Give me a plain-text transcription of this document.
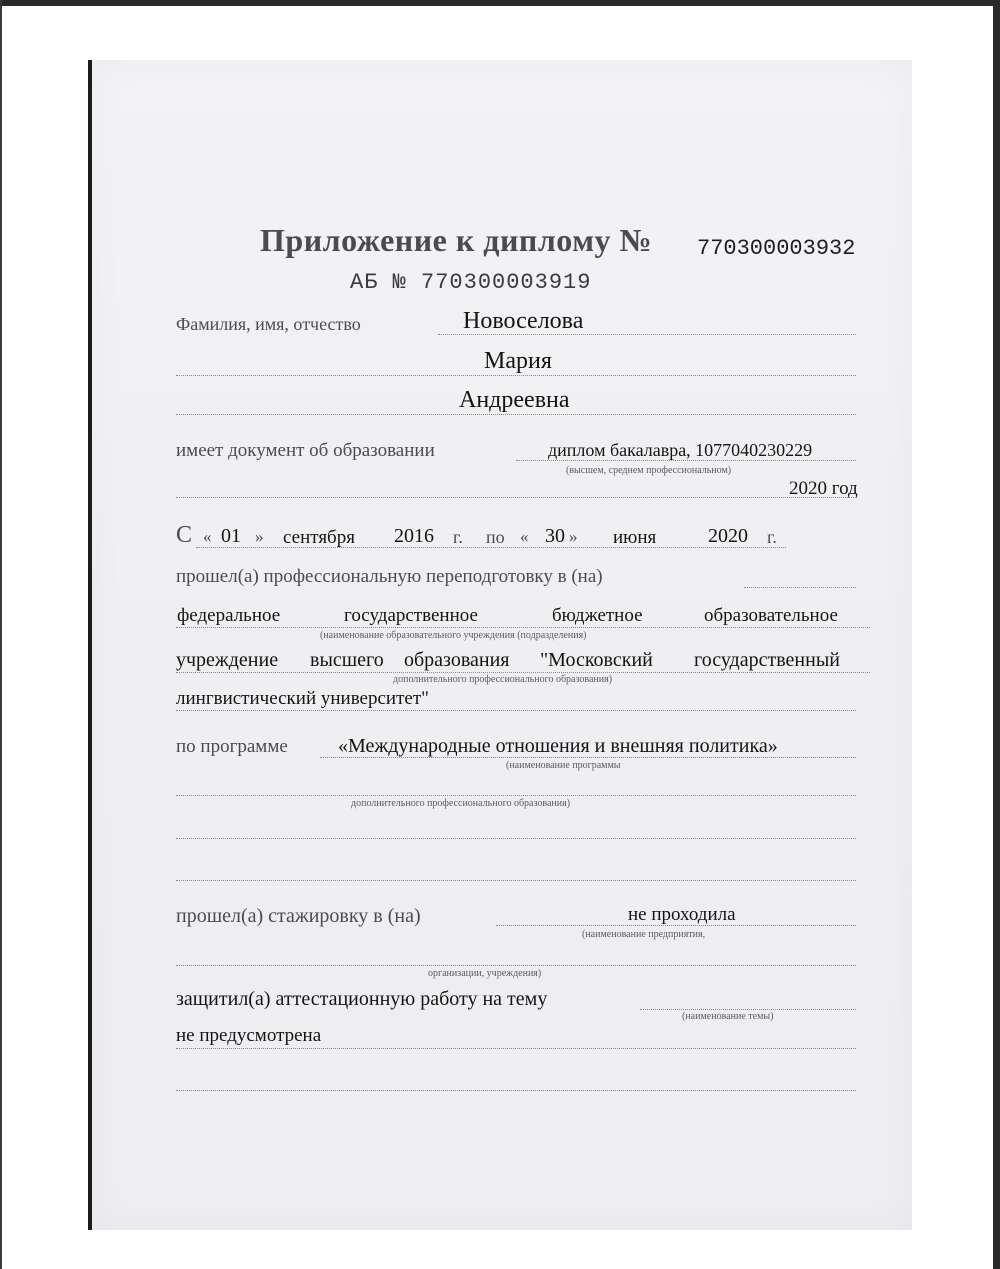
Приложение к диплому № 770300003932
АБ № 770300003919
Фамилия, имя, отчество	Новоселова
Мария
Андреевна
имеет документ об образовании	диплом бакалавра, 1077040230229
(высшем, среднем профессиональном)
2020 год
С « 01 » сентября 2016 г. по « 30 » июня	2020 г.
прошел(а) профессиональную переподготовку в (на)
федеральное	государственное	бюджетное	образовательное
(наименование образовательного учреждения (подразделения)
учреждение высшего образования "Московский государственный
дополнительного профессионального образования)
лингвистический университет"
по программе	«Международные отношения и внешняя политика»
(наименование программы
дополнительного профессионального образования)
прошел(а) стажировку в (на)	не проходила
(наименование предприятия,
организации, учреждения)
защитил(а) аттестационную работу на тему
(наименование темы)
не предусмотрена
